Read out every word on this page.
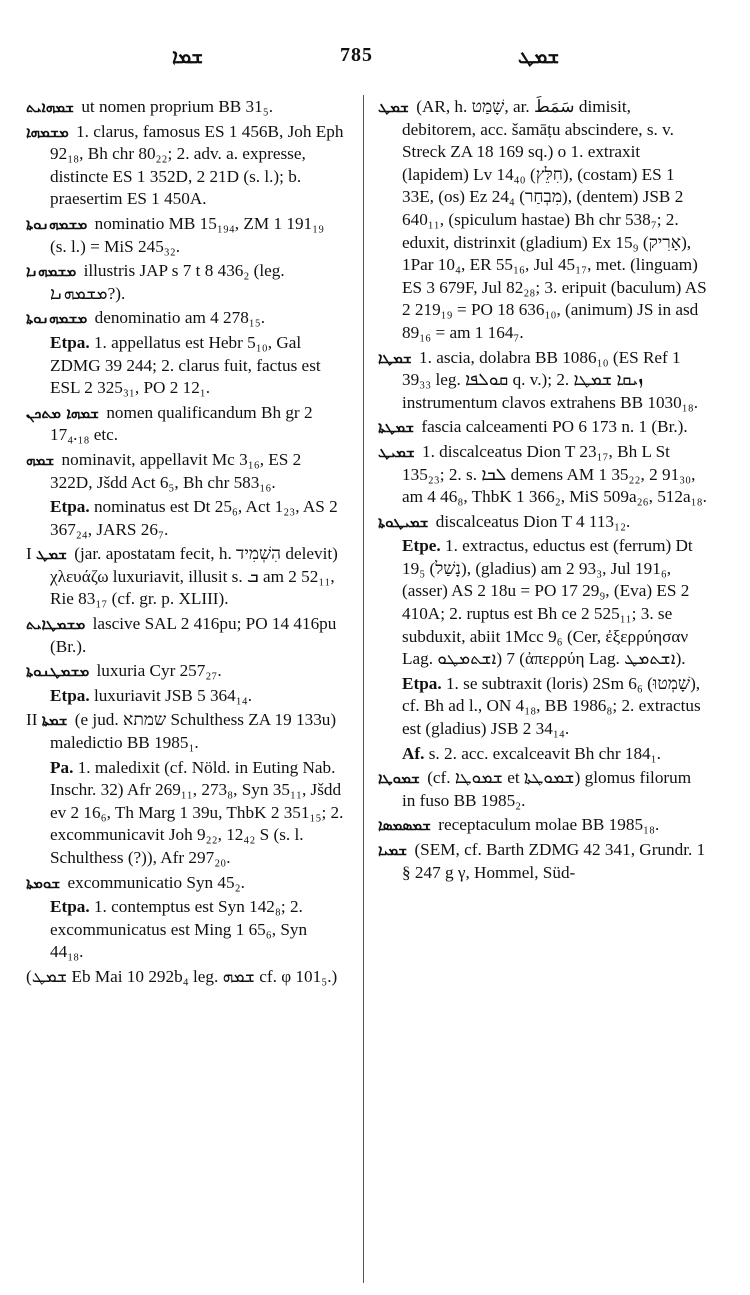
ܫܡܐ	785	ܫܡܛ
ܫܡܗܐܝܬ ut nomen proprium BB 31₅.
ܡܫܡܗܐ 1. clarus, famosus ES 1 456B, Joh Eph 92₁₈, Bh chr 80₂₂; 2. adv. a. expresse, distincte ES 1 352D, 2 21D (s. l.); b. praesertim ES 1 450A.
ܡܫܡܗܢܘܬܐ nominatio MB 15₁₉₄, ZM 1 191₁₉ (s. l.) = MiS 245₃₂.
ܡܫܡܗܢܐ illustris JAP s 7 t 8 436₂ (leg. ܡܫܡܗܢܐ?).
ܡܫܡܗܢܘܬܐ denominatio am 4 278₁₅.
Etpa. 1. appellatus est Hebr 5₁₀, Gal ZDMG 39 244; 2. clarus fuit, factus est ESL 2 325₃₁, PO 2 12₁.
ܫܡܗܐ ܡܬܟܢ nomen qualificandum Bh gr 2 17₄.₁₈ etc.
ܫܡܗ nominavit, appellavit Mc 3₁₆, ES 2 322D, Jšdd Act 6₅, Bh chr 583₁₆.
Etpa. nominatus est Dt 25₆, Act 1₂₃, AS 2 367₂₄, JARS 26₇.
I ܫܡܛ (jar. apostatam fecit, h. הִשְׁמִיד delevit) χλευάζω luxuriavit, illusit s. ܒ am 2 52₁₁, Rie 83₁₇ (cf. gr. p. XLIII).
ܡܫܡܛܐܝܬ lascive SAL 2 416pu; PO 14 416pu (Br.).
ܡܫܡܛܢܘܬܐ luxuria Cyr 257₂₇.
Etpa. luxuriavit JSB 5 364₁₄.
II ܫܡܬܐ (e jud. שמתא Schulthess ZA 19 133u) maledictio BB 1985₁.
Pa. 1. maledixit (cf. Nöld. in Euting Nab. Inschr. 32) Afr 269₁₁, 273₈, Syn 35₁₁, Jšdd ev 2 16₆, Th Marg 1 39u, ThbK 2 351₁₅; 2. excommunicavit Joh 9₂₂, 12₄₂ S (s. l. Schulthess (?)), Afr 297₂₀.
ܫܘܡܬܐ excommunicatio Syn 45₂.
Etpa. 1. contemptus est Syn 142₈; 2. excommunicatus est Ming 1 65₆, Syn 44₁₈.
(ܫܡܛ Eb Mai 10 292b₄ leg. ܫܡܗ cf. φ 101₅.)
ܫܡܛ (AR, h. שָׁמַט, ar. سَمَطَ dimisit, debitorem, acc. šamāṭu abscindere, s. v. Streck ZA 18 169 sq.) o 1. extraxit (lapidem) Lv 14₄₀ (חִלֵּץ), (costam) ES 1 33E, (os) Ez 24₄ (מִבְחַר), (dentem) JSB 2 640₁₁, (spiculum hastae) Bh chr 538₇; 2. eduxit, distrinxit (gladium) Ex 15₉ (אָרִיק), 1Par 10₄, ER 55₁₆, Jul 45₁₇, met. (linguam) ES 3 679F, Jul 82₂₈; 3. eripuit (baculum) AS 2 219₁₉ = PO 18 636₁₀, (animum) JS in asd 89₁₆ = am 1 164₇.
ܫܡܛܐ 1. ascia, dolabra BB 1086₁₀ (ES Ref 1 39₃₃ leg. ܩܘܠܦܐ q. v.); 2. ܙܝܩܐ ܫܡܛܐ instrumentum clavos extrahens BB 1030₁₈.
ܫܡܛܬܐ fascia calceamenti PO 6 173 n. 1 (Br.).
ܫܡܝܛ 1. discalceatus Dion T 23₁₇, Bh L St 135₂₃; 2. s. ܠܒܐ demens AM 1 35₂₂, 2 91₃₀, am 4 46₈, ThbK 1 366₂, MiS 509a₂₆, 512a₁₈.
ܫܡܝܛܘܬܐ discalceatus Dion T 4 113₁₂.
Etpe. 1. extractus, eductus est (ferrum) Dt 19₅ (נָשַׁל), (gladius) am 2 93₃, Jul 191₆, (asser) AS 2 18u = PO 17 29₉, (Eva) ES 2 410A; 2. ruptus est Bh ce 2 525₁₁; 3. se subduxit, abiit 1Mcc 9₆ (Cer, ἐξερρύησαν Lag. ܐܫܬܡܛܘ) 7 (ἀπερρύη Lag. ܐܫܬܡܛ).
Etpa. 1. se subtraxit (loris) 2Sm 6₆ (שָׁמְטוּ), cf. Bh ad l., ON 4₁₈, BB 1986₈; 2. extractus est (gladius) JSB 2 34₁₄.
Af. s. 2. acc. excalceavit Bh chr 184₁.
ܫܡܘܛܐ (cf. ܫܡܘܛܐ et ܫܡܘܛܬܐ) glomus filorum in fuso BB 1985₂.
ܫܡܣܡܣܐ receptaculum molae BB 1985₁₈.
ܫܡܝܐ (SEM, cf. Barth ZDMG 42 341, Grundr. 1 § 247 g γ, Hommel, Süd-
